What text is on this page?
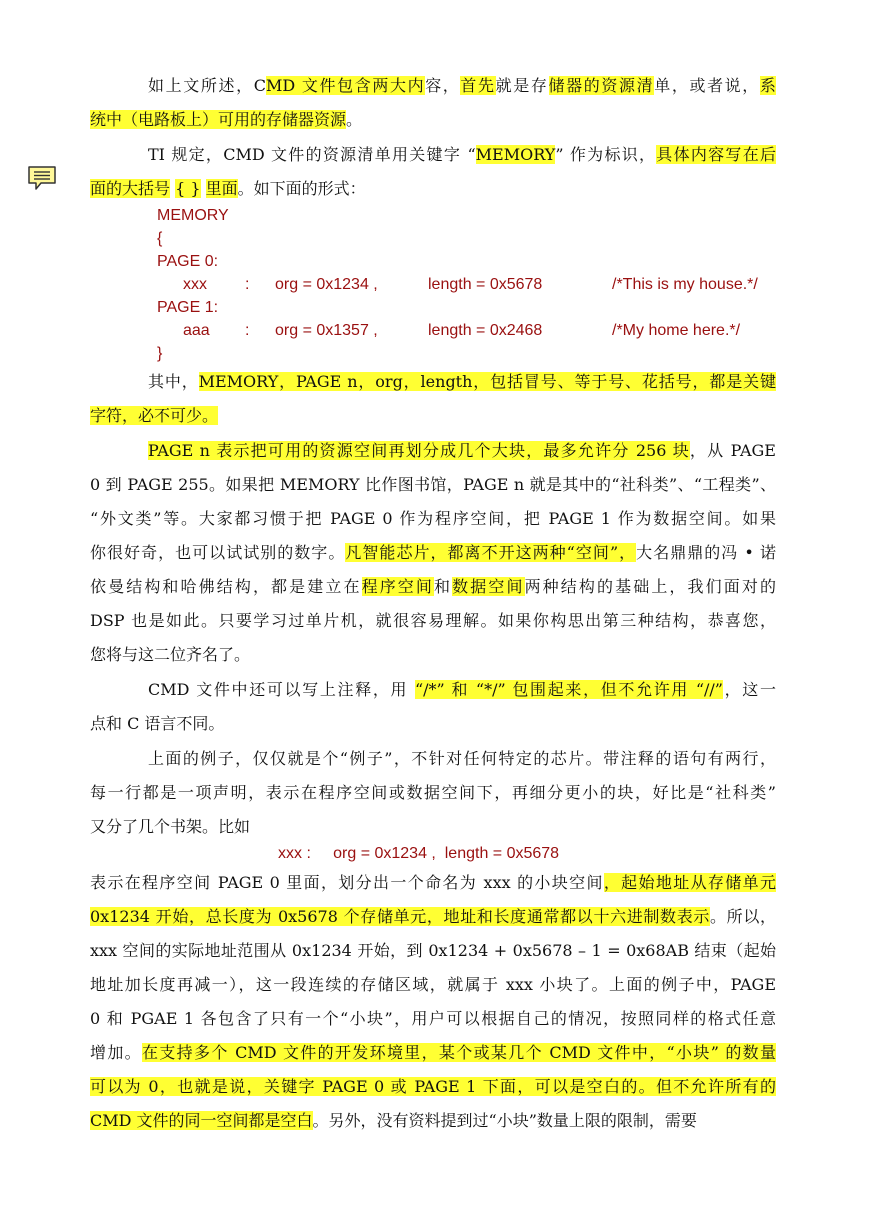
如上文所述，CMD 文件包含两大内容，首先就是存储器的资源清单，或者说，系
统中（电路板上）可用的存储器资源。
TI 规定，CMD 文件的资源清单用关键字 “MEMORY” 作为标识，具体内容写在后
面的大括号 { } 里面。如下面的形式：
其中，MEMORY，PAGE n，org，length，包括冒号、等于号、花括号，都是关键
字符，必不可少。
PAGE n 表示把可用的资源空间再划分成几个大块，最多允许分 256 块，从 PAGE
0 到 PAGE 255。如果把 MEMORY 比作图书馆，PAGE n 就是其中的“社科类”、“工程类”、
“外文类”等。大家都习惯于把 PAGE 0 作为程序空间，把 PAGE 1 作为数据空间。如果
你很好奇，也可以试试别的数字。凡智能芯片，都离不开这两种“空间”，大名鼎鼎的冯 • 诺
依曼结构和哈佛结构，都是建立在程序空间和数据空间两种结构的基础上，我们面对的
DSP 也是如此。只要学习过单片机，就很容易理解。如果你构思出第三种结构，恭喜您，
您将与这二位齐名了。
CMD 文件中还可以写上注释，用 “/*” 和 “*/” 包围起来，但不允许用 “//”，这一
点和 C 语言不同。
上面的例子，仅仅就是个“例子”，不针对任何特定的芯片。带注释的语句有两行，
每一行都是一项声明，表示在程序空间或数据空间下，再细分更小的块，好比是“社科类”
又分了几个书架。比如
表示在程序空间 PAGE 0 里面，划分出一个命名为 xxx 的小块空间，起始地址从存储单元
0x1234 开始，总长度为 0x5678 个存储单元，地址和长度通常都以十六进制数表示。所以，
xxx 空间的实际地址范围从 0x1234 开始，到 0x1234 + 0x5678 – 1 = 0x68AB 结束（起始
地址加长度再减一），这一段连续的存储区域，就属于 xxx 小块了。上面的例子中，PAGE
0 和 PGAE 1 各包含了只有一个“小块”，用户可以根据自己的情况，按照同样的格式任意
增加。在支持多个 CMD 文件的开发环境里，某个或某几个 CMD 文件中，“小块” 的数量
可以为 0，也就是说，关键字 PAGE 0 或 PAGE 1 下面，可以是空白的。但不允许所有的
CMD 文件的同一空间都是空白。另外，没有资料提到过“小块”数量上限的限制，需要
MEMORY
{
PAGE 0:
xxx : org = 0x1234 ,	length = 0x5678	/*This is my house.*/
PAGE 1:
aaa : org = 0x1357 ,	length = 0x2468	/*My home here.*/
}
xxx :     org = 0x1234 ,  length = 0x5678
